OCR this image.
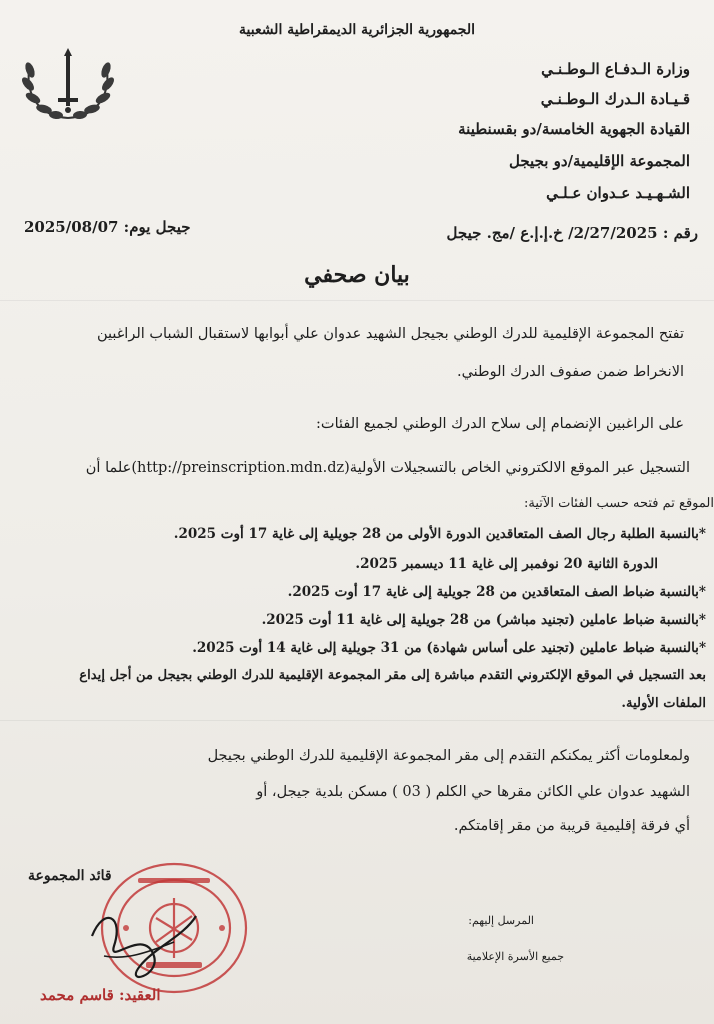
الجمهورية الجزائرية الديمقراطية الشعبية
وزارة الـدفـاع الـوطـنـي
قـيـادة الـدرك الـوطـنـي
القيادة الجهوية الخامسة/دو بقسنطينة
المجموعة الإقليمية/دو بجيجل
الشـهـيـد عـدوان عـلـي
رقم : 2/27/2025/ خ.إ.إ.ع /مج. جيجل
جيجل يوم: 2025/08/07
بيان صحفي
تفتح المجموعة الإقليمية للدرك الوطني بجيجل الشهيد عدوان علي أبوابها لاستقبال الشباب الراغبين
الانخراط ضمن صفوف الدرك الوطني.
على الراغبين الإنضمام إلى سلاح الدرك الوطني لجميع الفئات:
التسجيل عبر الموقع الالكتروني الخاص بالتسجيلات الأولية(http://preinscription.mdn.dz)علما أن
الموقع تم فتحه حسب الفئات الآتية:
*بالنسبة الطلبة رجال الصف المتعاقدين الدورة الأولى من 28 جويلية إلى غاية 17 أوت 2025.
الدورة الثانية 20 نوفمبر إلى غاية 11 ديسمبر 2025.
*بالنسبة ضباط الصف المتعاقدين من 28 جويلية إلى غاية 17 أوت 2025.
*بالنسبة ضباط عاملين (تجنيد مباشر) من 28 جويلية إلى غاية 11 أوت 2025.
*بالنسبة ضباط عاملين (تجنيد على أساس شهادة) من 31 جويلية إلى غاية 14 أوت 2025.
بعد التسجيل في الموقع الإلكتروني التقدم مباشرة إلى مقر المجموعة الإقليمية للدرك الوطني بجيجل من أجل إيداع
الملفات الأولية.
ولمعلومات أكثر يمكنكم التقدم إلى مقر المجموعة الإقليمية للدرك الوطني بجيجل
الشهيد عدوان علي الكائن مقرها حي الكلم ( 03 ) مسكن بلدية جيجل، أو
أي فرقة إقليمية قريبة من مقر إقامتكم.
قائد المجموعة
العقيد: قاسم محمد
المرسل إليهم:
جميع الأسرة الإعلامية
